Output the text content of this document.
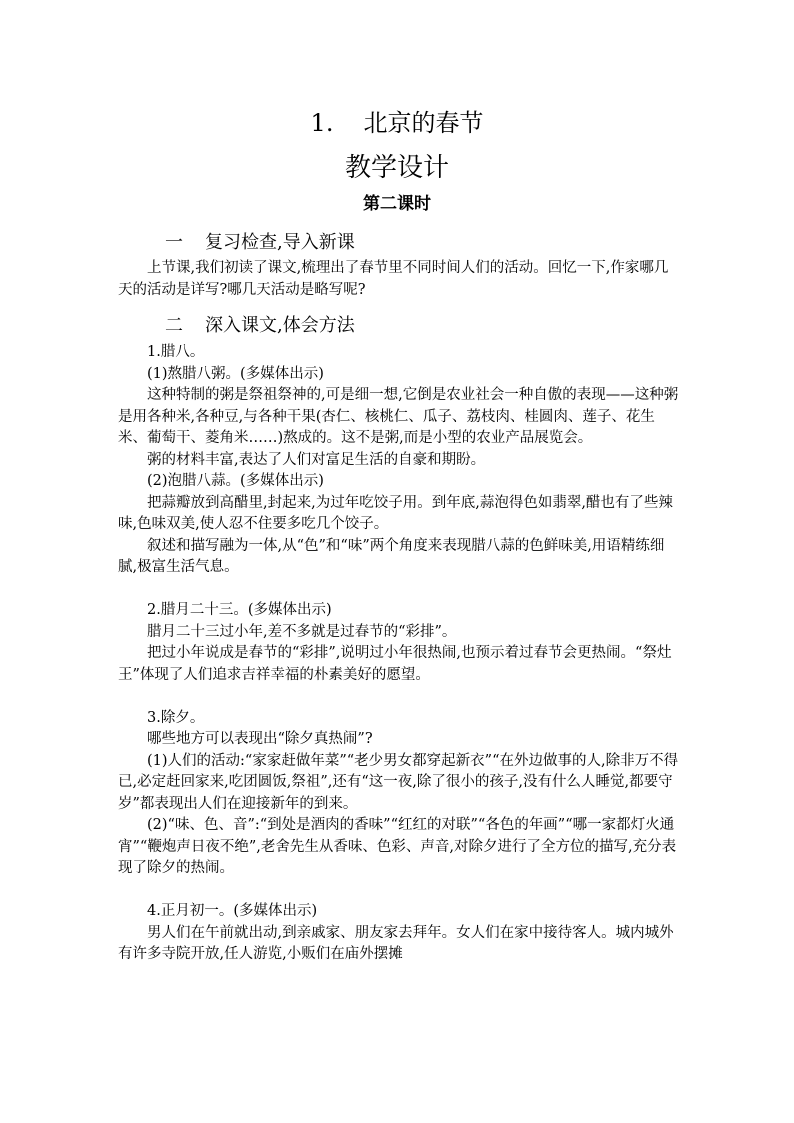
1. 北京的春节
教学设计
第二课时
一 复习检查,导入新课

上节课,我们初读了课文,梳理出了春节里不同时间人们的活动。回忆一下,作家哪几天的活动是详写?哪几天活动是略写呢?

二 深入课文,体会方法

1.腊八。

(1)熬腊八粥。(多媒体出示)

这种特制的粥是祭祖祭神的,可是细一想,它倒是农业社会一种自傲的表现——这种粥是用各种米,各种豆,与各种干果(杏仁、核桃仁、瓜子、荔枝肉、桂圆肉、莲子、花生米、葡萄干、菱角米……)熬成的。这不是粥,而是小型的农业产品展览会。

粥的材料丰富,表达了人们对富足生活的自豪和期盼。

(2)泡腊八蒜。(多媒体出示)

把蒜瓣放到高醋里,封起来,为过年吃饺子用。到年底,蒜泡得色如翡翠,醋也有了些辣味,色味双美,使人忍不住要多吃几个饺子。

叙述和描写融为一体,从“色”和“味”两个角度来表现腊八蒜的色鲜味美,用语精练细腻,极富生活气息。

2.腊月二十三。(多媒体出示)

腊月二十三过小年,差不多就是过春节的“彩排”。

把过小年说成是春节的“彩排”,说明过小年很热闹,也预示着过春节会更热闹。“祭灶王”体现了人们追求吉祥幸福的朴素美好的愿望。

3.除夕。

哪些地方可以表现出“除夕真热闹”?

(1)人们的活动:“家家赶做年菜”“老少男女都穿起新衣”“在外边做事的人,除非万不得已,必定赶回家来,吃团圆饭,祭祖”,还有“这一夜,除了很小的孩子,没有什么人睡觉,都要守岁”都表现出人们在迎接新年的到来。

(2)“味、色、音”:“到处是酒肉的香味”“红红的对联”“各色的年画”“哪一家都灯火通宵”“鞭炮声日夜不绝”,老舍先生从香味、色彩、声音,对除夕进行了全方位的描写,充分表现了除夕的热闹。

4.正月初一。(多媒体出示)

男人们在午前就出动,到亲戚家、朋友家去拜年。女人们在家中接待客人。城内城外有许多寺院开放,任人游览,小贩们在庙外摆摊
